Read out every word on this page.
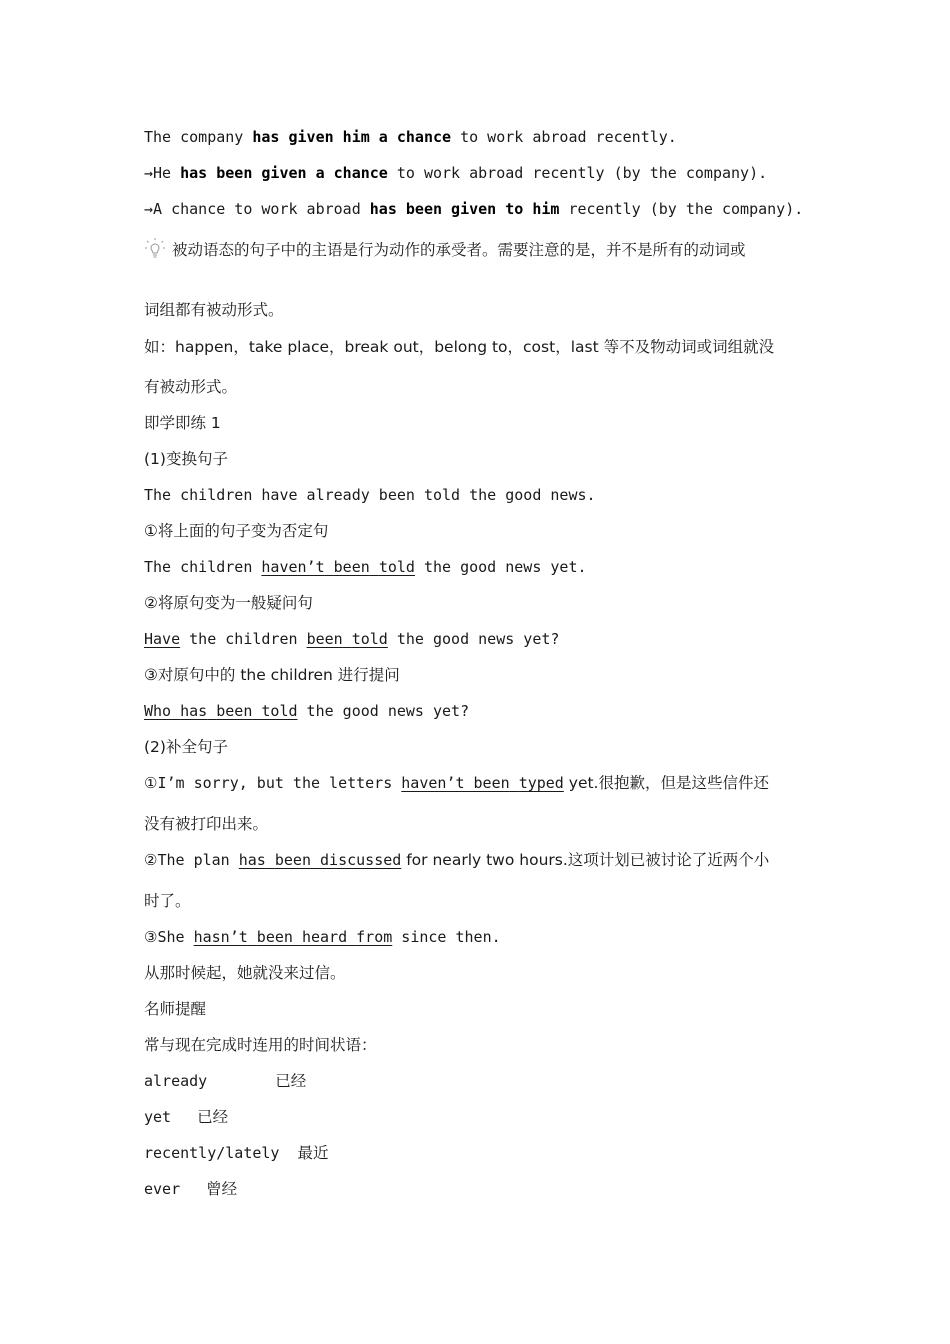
The company has given him a chance to work abroad recently.
→He has been given a chance to work abroad recently (by the company).
→A chance to work abroad has been given to him recently (by the company).
被动语态的句子中的主语是行为动作的承受者。需要注意的是，并不是所有的动词或
词组都有被动形式。
如：happen，take place，break out，belong to，cost，last 等不及物动词或词组就没
有被动形式。
即学即练 1
(1)变换句子
The children have already been told the good news.
①将上面的句子变为否定句
The children haven’t been told the good news yet.
②将原句变为一般疑问句
Have the children been told the good news yet?
③对原句中的 the children 进行提问
Who has been told the good news yet?
(2)补全句子
①I’m sorry, but the letters haven’t been typed yet.很抱歉，但是这些信件还
没有被打印出来。
②The plan has been discussed for nearly two hours.这项计划已被讨论了近两个小
时了。
③She hasn’t been heard from since then.
从那时候起，她就没来过信。
名师提醒
常与现在完成时连用的时间状语：
already	已经
yet 已经
recently/lately 最近
ever 曾经
